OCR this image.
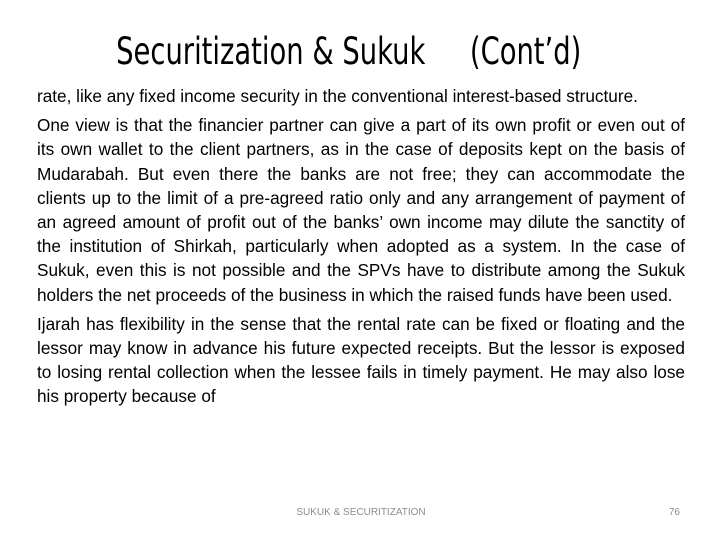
Securitization & Sukuk (Cont’d)

rate, like any fixed income security in the conventional interest-based structure.

One view is that the financier partner can give a part of its own profit or even out of its own wallet to the client partners, as in the case of deposits kept on the basis of Mudarabah. But even there the banks are not free; they can accommodate the clients up to the limit of a pre-agreed ratio only and any arrangement of payment of an agreed amount of profit out of the banks’ own income may dilute the sanctity of the institution of Shirkah, particularly when adopted as a system. In the case of Sukuk, even this is not possible and the SPVs have to distribute among the Sukuk holders the net proceeds of the business in which the raised funds have been used.

Ijarah has flexibility in the sense that the rental rate can be fixed or floating and the lessor may know in advance his future expected receipts. But the lessor is exposed to losing rental collection when the lessee fails in timely payment. He may also lose his property because of

SUKUK & SECURITIZATION	76
